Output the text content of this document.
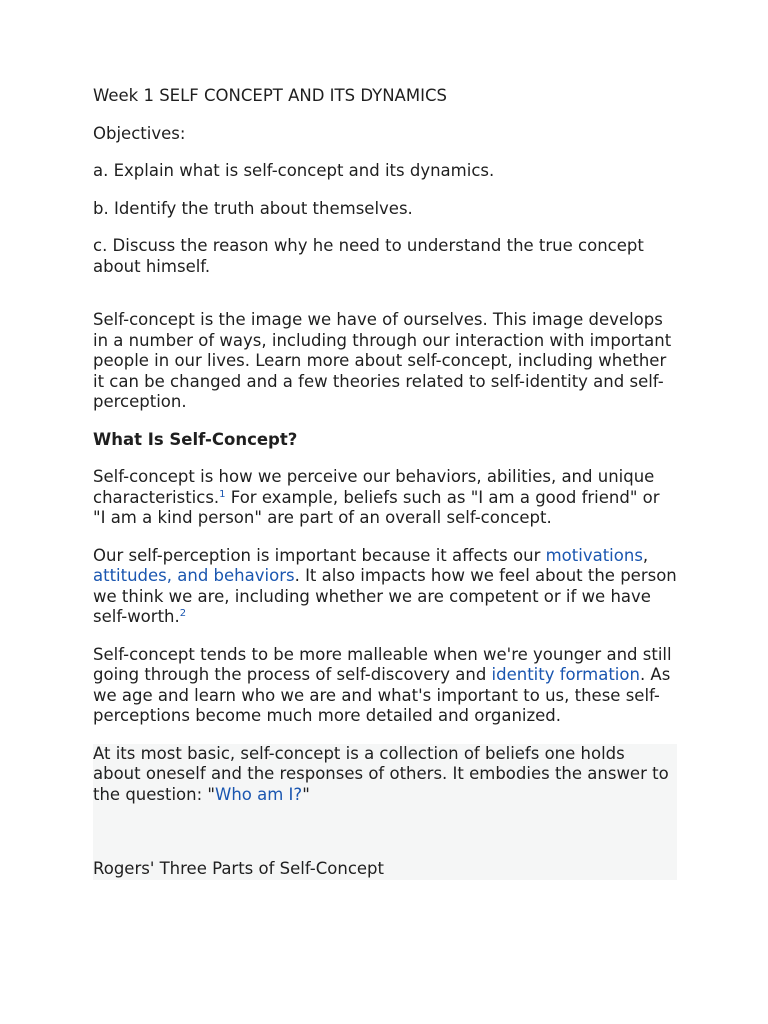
Week 1 SELF CONCEPT AND ITS DYNAMICS

Objectives:

a. Explain what is self-concept and its dynamics.

b. Identify the truth about themselves.

c. Discuss the reason why he need to understand the true concept about himself.

Self-concept is the image we have of ourselves. This image develops in a number of ways, including through our interaction with important people in our lives. Learn more about self-concept, including whether it can be changed and a few theories related to self-identity and self-perception.

What Is Self-Concept?

Self-concept is how we perceive our behaviors, abilities, and unique characteristics.$^1$ For example, beliefs such as "I am a good friend" or "I am a kind person" are part of an overall self-concept.

Our self-perception is important because it affects our motivations, attitudes, and behaviors. It also impacts how we feel about the person we think we are, including whether we are competent or if we have self-worth.$^2$

Self-concept tends to be more malleable when we're younger and still going through the process of self-discovery and identity formation. As we age and learn who we are and what's important to us, these self-perceptions become much more detailed and organized.

At its most basic, self-concept is a collection of beliefs one holds about oneself and the responses of others. It embodies the answer to the question: "Who am I?"

Rogers' Three Parts of Self-Concept
